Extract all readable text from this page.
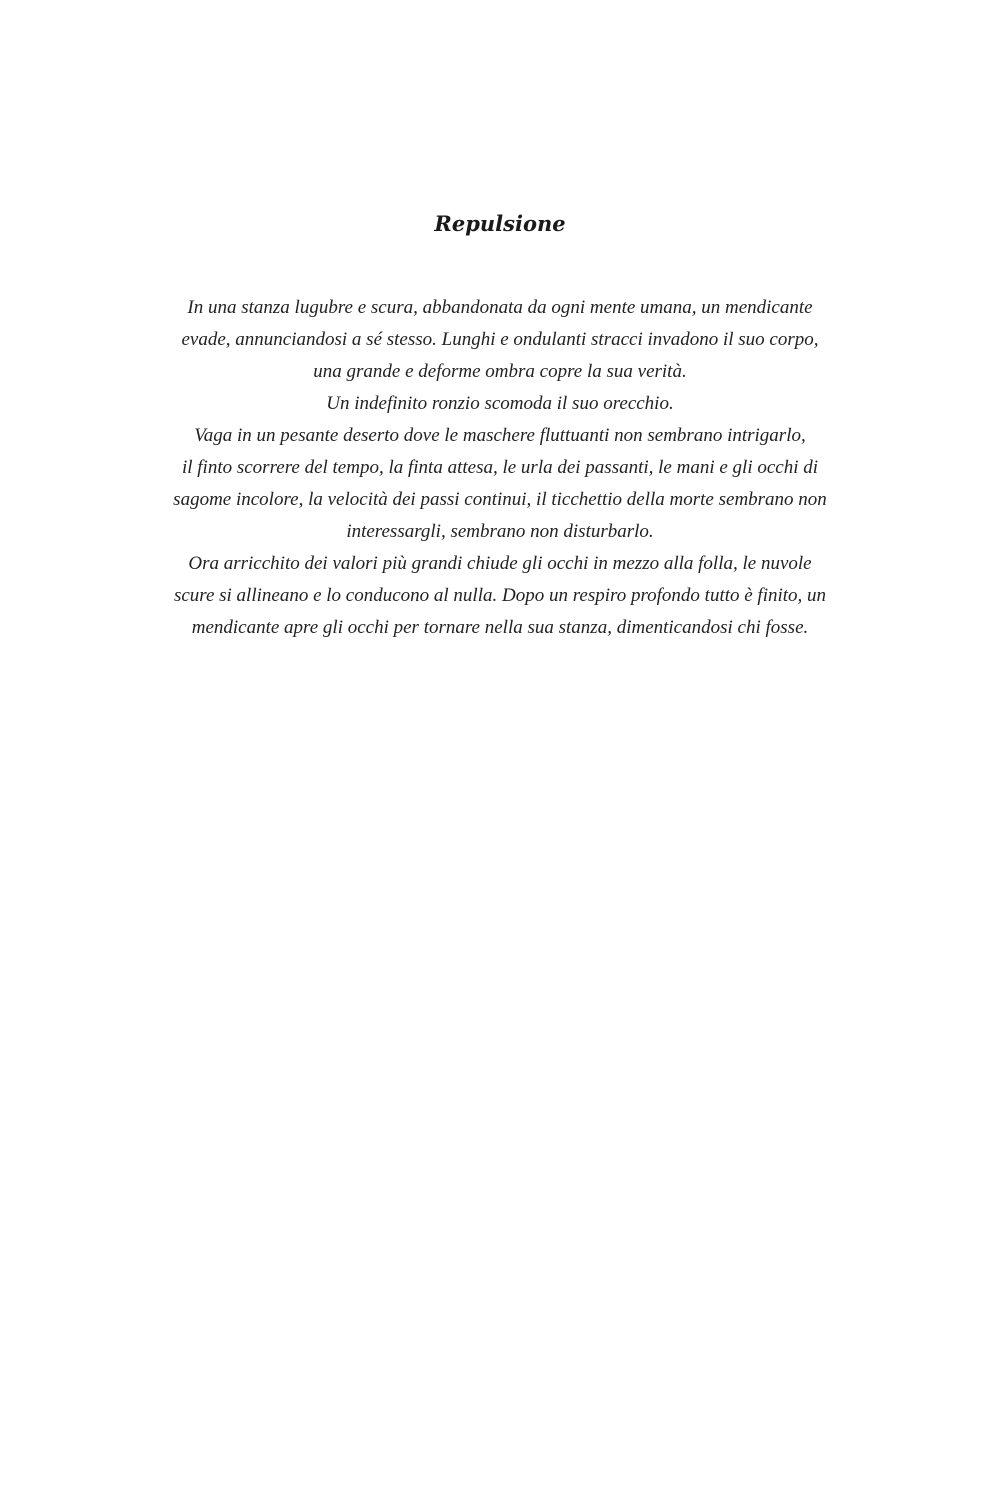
Repulsione
In una stanza lugubre e scura, abbandonata da ogni mente umana, un mendicante
evade, annunciandosi a sé stesso. Lunghi e ondulanti stracci invadono il suo corpo,
una grande e deforme ombra copre la sua verità.
Un indefinito ronzio scomoda il suo orecchio.
Vaga in un pesante deserto dove le maschere fluttuanti non sembrano intrigarlo,
il finto scorrere del tempo, la finta attesa, le urla dei passanti, le mani e gli occhi di
sagome incolore, la velocità dei passi continui, il ticchettio della morte sembrano non
interessargli, sembrano non disturbarlo.
Ora arricchito dei valori più grandi chiude gli occhi in mezzo alla folla, le nuvole
scure si allineano e lo conducono al nulla. Dopo un respiro profondo tutto è finito, un
mendicante apre gli occhi per tornare nella sua stanza, dimenticandosi chi fosse.
